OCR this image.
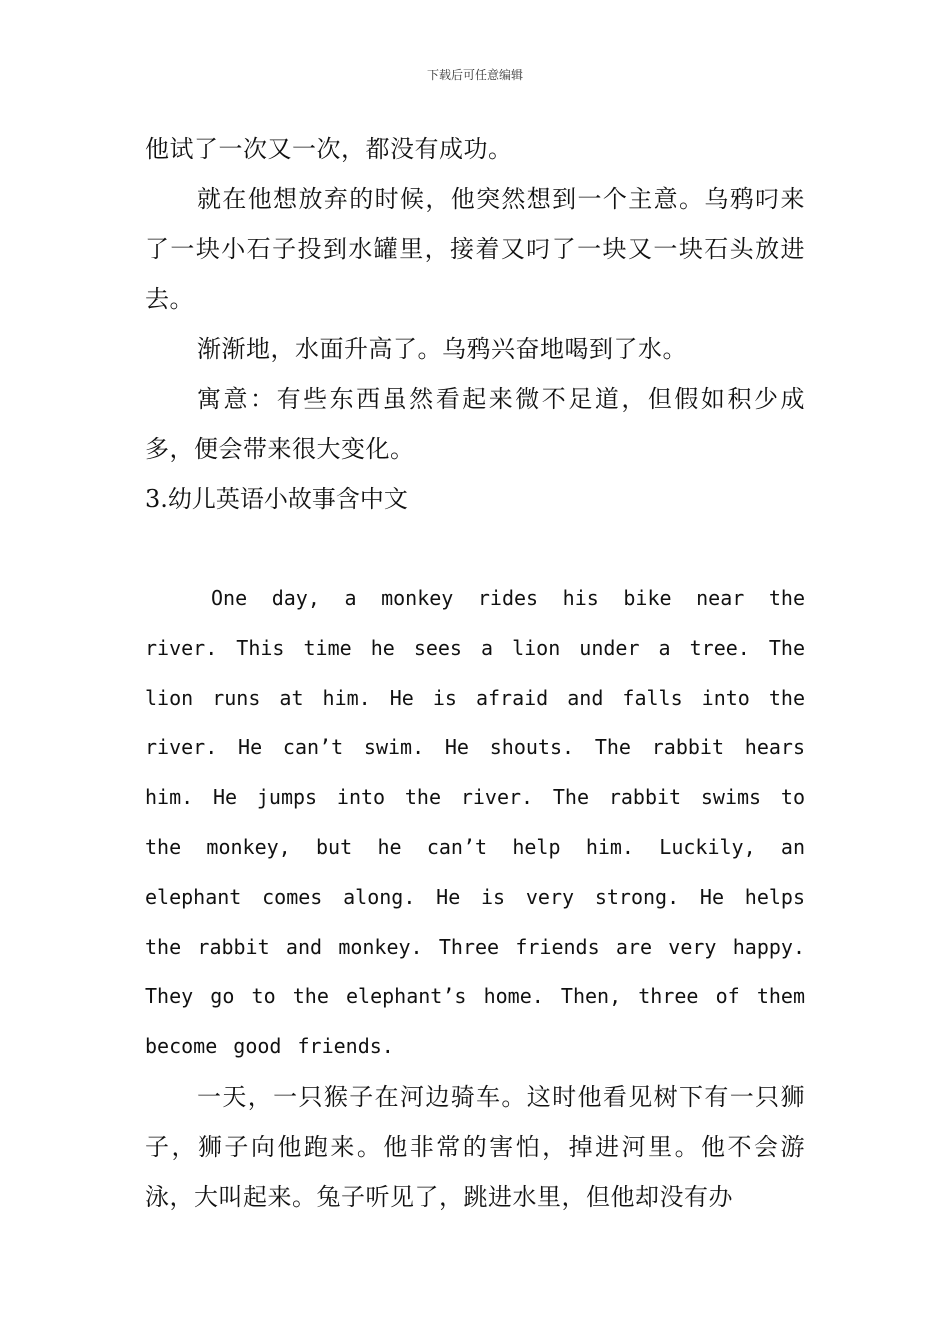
下载后可任意编辑

他试了一次又一次，都没有成功。

就在他想放弃的时候，他突然想到一个主意。乌鸦叼来了一块小石子投到水罐里，接着又叼了一块又一块石头放进去。

渐渐地，水面升高了。乌鸦兴奋地喝到了水。

寓意：有些东西虽然看起来微不足道，但假如积少成多，便会带来很大变化。

3.幼儿英语小故事含中文

One day, a monkey rides his bike near the river. This time he sees a lion under a tree. The lion runs at him. He is afraid and falls into the river. He can’t swim. He shouts. The rabbit hears him. He jumps into the river. The rabbit swims to the monkey, but he can’t help him. Luckily, an elephant comes along. He is very strong. He helps the rabbit and monkey. Three friends are very happy. They go to the elephant’s home. Then, three of them become good friends.

一天，一只猴子在河边骑车。这时他看见树下有一只狮子，狮子向他跑来。他非常的害怕，掉进河里。他不会游泳，大叫起来。兔子听见了，跳进水里，但他却没有办
